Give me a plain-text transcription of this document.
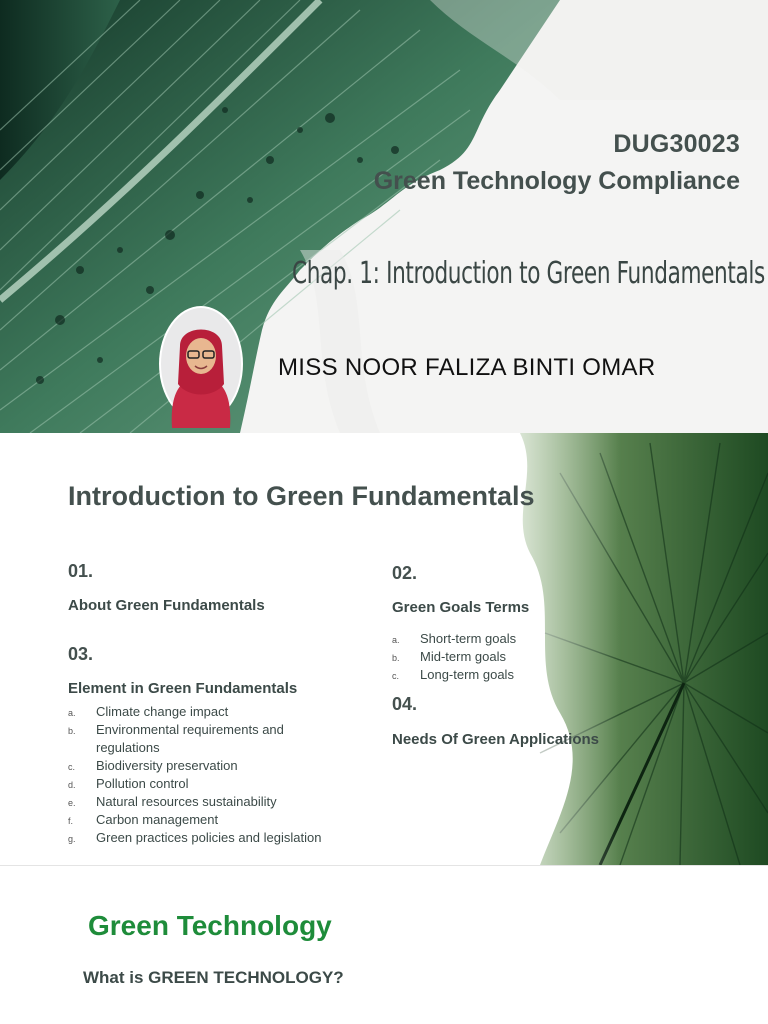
DUG30023
Green Technology Compliance
Chap. 1: Introduction to Green Fundamentals
MISS NOOR FALIZA BINTI OMAR
Introduction to Green Fundamentals
01.
About Green Fundamentals
02.
Green Goals Terms
a. Short-term goals
b. Mid-term goals
c. Long-term goals
03.
Element in Green Fundamentals
a. Climate change impact
b. Environmental requirements and regulations
c. Biodiversity preservation
d. Pollution control
e. Natural resources sustainability
f. Carbon management
g. Green practices policies and legislation
04.
Needs Of Green Applications
Green Technology
What is GREEN TECHNOLOGY?
